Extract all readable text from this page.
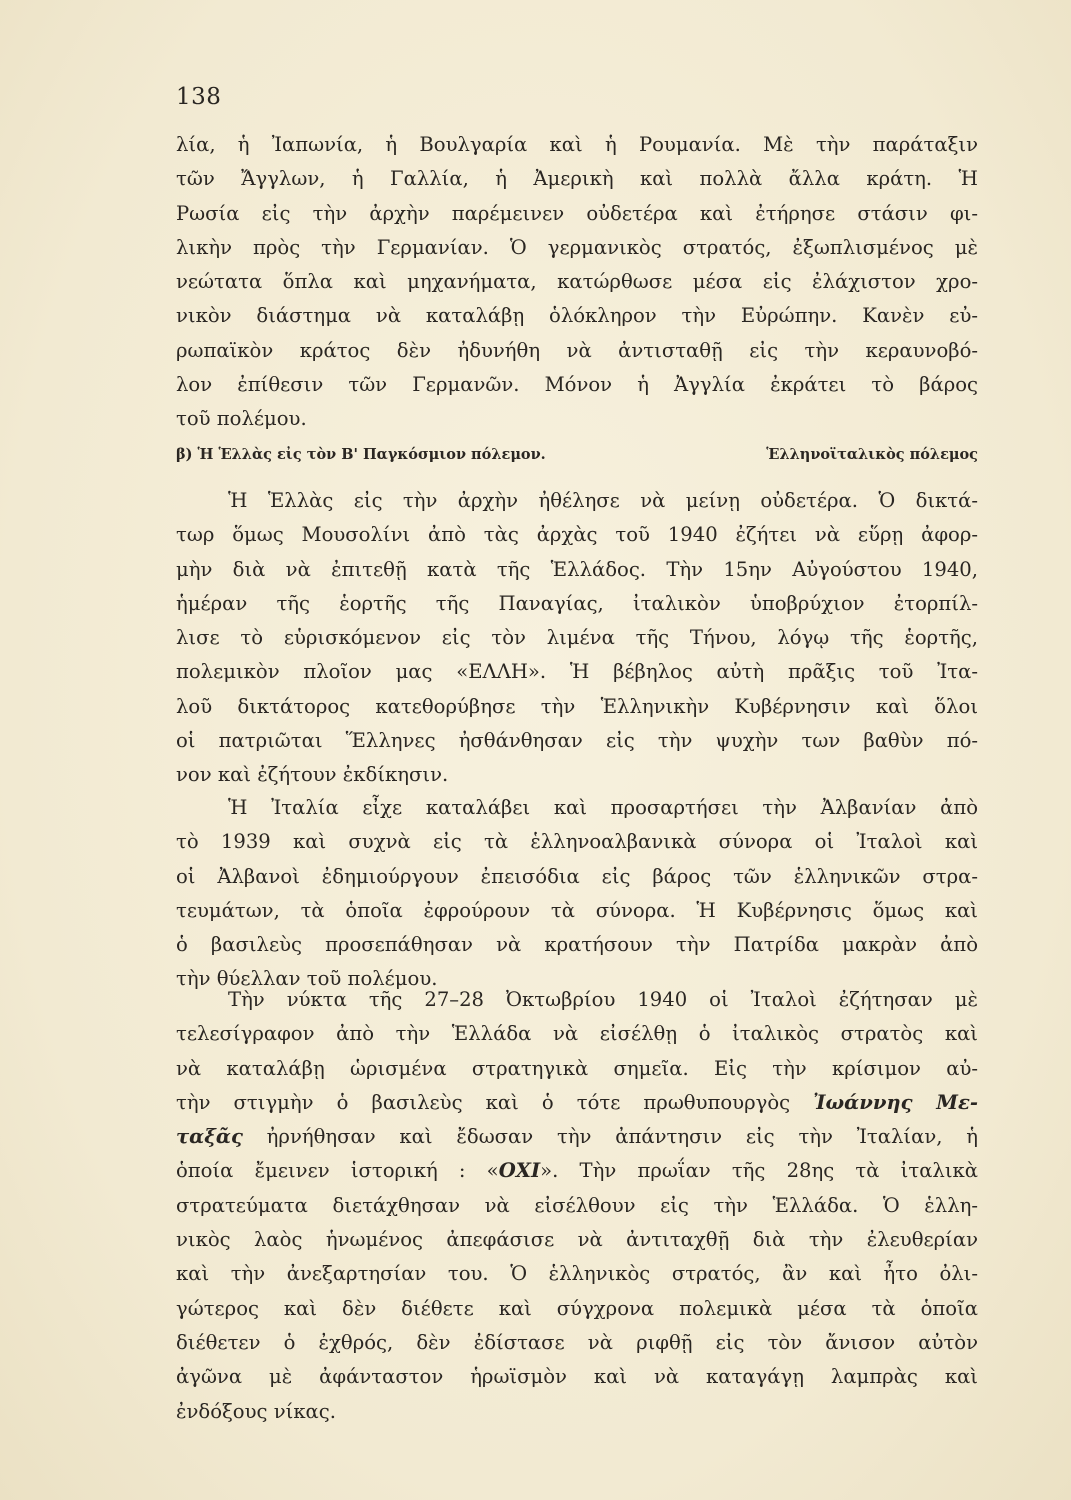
138
λία, ἡ Ἰαπωνία, ἡ Βουλγαρία καὶ ἡ Ρουμανία. Μὲ τὴν παράταξιν
τῶν Ἄγγλων, ἡ Γαλλία, ἡ Ἀμερικὴ καὶ πολλὰ ἄλλα κράτη. Ἡ
Ρωσία εἰς τὴν ἀρχὴν παρέμεινεν οὐδετέρα καὶ ἐτήρησε στάσιν φι-
λικὴν πρὸς τὴν Γερμανίαν. Ὁ γερμανικὸς στρατός, ἐξωπλισμένος μὲ
νεώτατα ὅπλα καὶ μηχανήματα, κατώρθωσε μέσα εἰς ἐλάχιστον χρο-
νικὸν διάστημα νὰ καταλάβῃ ὁλόκληρον τὴν Εὐρώπην. Κανὲν εὐ-
ρωπαϊκὸν κράτος δὲν ἠδυνήθη νὰ ἀντισταθῇ εἰς τὴν κεραυνοβό-
λον ἐπίθεσιν τῶν Γερμανῶν. Μόνον ἡ Ἀγγλία ἐκράτει τὸ βάρος
τοῦ πολέμου.
β) Ἡ Ἑλλὰς εἰς τὸν Β' Παγκόσμιον πόλεμον.	Ἑλληνοϊταλικὸς πόλεμος
Ἡ Ἑλλὰς εἰς τὴν ἀρχὴν ἠθέλησε νὰ μείνῃ οὐδετέρα. Ὁ δικτά-
τωρ ὅμως Μουσολίνι ἀπὸ τὰς ἀρχὰς τοῦ 1940 ἐζήτει νὰ εὕρῃ ἀφορ-
μὴν διὰ νὰ ἐπιτεθῇ κατὰ τῆς Ἑλλάδος. Τὴν 15ην Αὐγούστου 1940,
ἡμέραν τῆς ἑορτῆς τῆς Παναγίας, ἰταλικὸν ὑποβρύχιον ἐτορπίλ-
λισε τὸ εὑρισκόμενον εἰς τὸν λιμένα τῆς Τήνου, λόγῳ τῆς ἑορτῆς,
πολεμικὸν πλοῖον μας «ΕΛΛΗ». Ἡ βέβηλος αὐτὴ πρᾶξις τοῦ Ἰτα-
λοῦ δικτάτορος κατεθορύβησε τὴν Ἑλληνικὴν Κυβέρνησιν καὶ ὅλοι
οἱ πατριῶται Ἕλληνες ἠσθάνθησαν εἰς τὴν ψυχὴν των βαθὺν πό-
νον καὶ ἐζήτουν ἐκδίκησιν.
Ἡ Ἰταλία εἶχε καταλάβει καὶ προσαρτήσει τὴν Ἀλβανίαν ἀπὸ
τὸ 1939 καὶ συχνὰ εἰς τὰ ἑλληνοαλβανικὰ σύνορα οἱ Ἰταλοὶ καὶ
οἱ Ἀλβανοὶ ἐδημιούργουν ἐπεισόδια εἰς βάρος τῶν ἑλληνικῶν στρα-
τευμάτων, τὰ ὁποῖα ἐφρούρουν τὰ σύνορα. Ἡ Κυβέρνησις ὅμως καὶ
ὁ βασιλεὺς προσεπάθησαν νὰ κρατήσουν τὴν Πατρίδα μακρὰν ἀπὸ
τὴν θύελλαν τοῦ πολέμου.
Τὴν νύκτα τῆς 27–28 Ὀκτωβρίου 1940 οἱ Ἰταλοὶ ἐζήτησαν μὲ
τελεσίγραφον ἀπὸ τὴν Ἑλλάδα νὰ εἰσέλθῃ ὁ ἰταλικὸς στρατὸς καὶ
νὰ καταλάβῃ ὡρισμένα στρατηγικὰ σημεῖα. Εἰς τὴν κρίσιμον αὐ-
τὴν στιγμὴν ὁ βασιλεὺς καὶ ὁ τότε πρωθυπουργὸς Ἰωάννης Με-
ταξᾶς ἠρνήθησαν καὶ ἔδωσαν τὴν ἀπάντησιν εἰς τὴν Ἰταλίαν, ἡ
ὁποία ἔμεινεν ἱστορική : «ΟΧΙ». Τὴν πρωΐαν τῆς 28ης τὰ ἰταλικὰ
στρατεύματα διετάχθησαν νὰ εἰσέλθουν εἰς τὴν Ἑλλάδα. Ὁ ἑλλη-
νικὸς λαὸς ἡνωμένος ἀπεφάσισε νὰ ἀντιταχθῇ διὰ τὴν ἐλευθερίαν
καὶ τὴν ἀνεξαρτησίαν του. Ὁ ἑλληνικὸς στρατός, ἂν καὶ ἦτο ὀλι-
γώτερος καὶ δὲν διέθετε καὶ σύγχρονα πολεμικὰ μέσα τὰ ὁποῖα
διέθετεν ὁ ἐχθρός, δὲν ἐδίστασε νὰ ριφθῇ εἰς τὸν ἄνισον αὐτὸν
ἀγῶνα μὲ ἀφάνταστον ἡρωϊσμὸν καὶ νὰ καταγάγῃ λαμπρὰς καὶ
ἐνδόξους νίκας.
